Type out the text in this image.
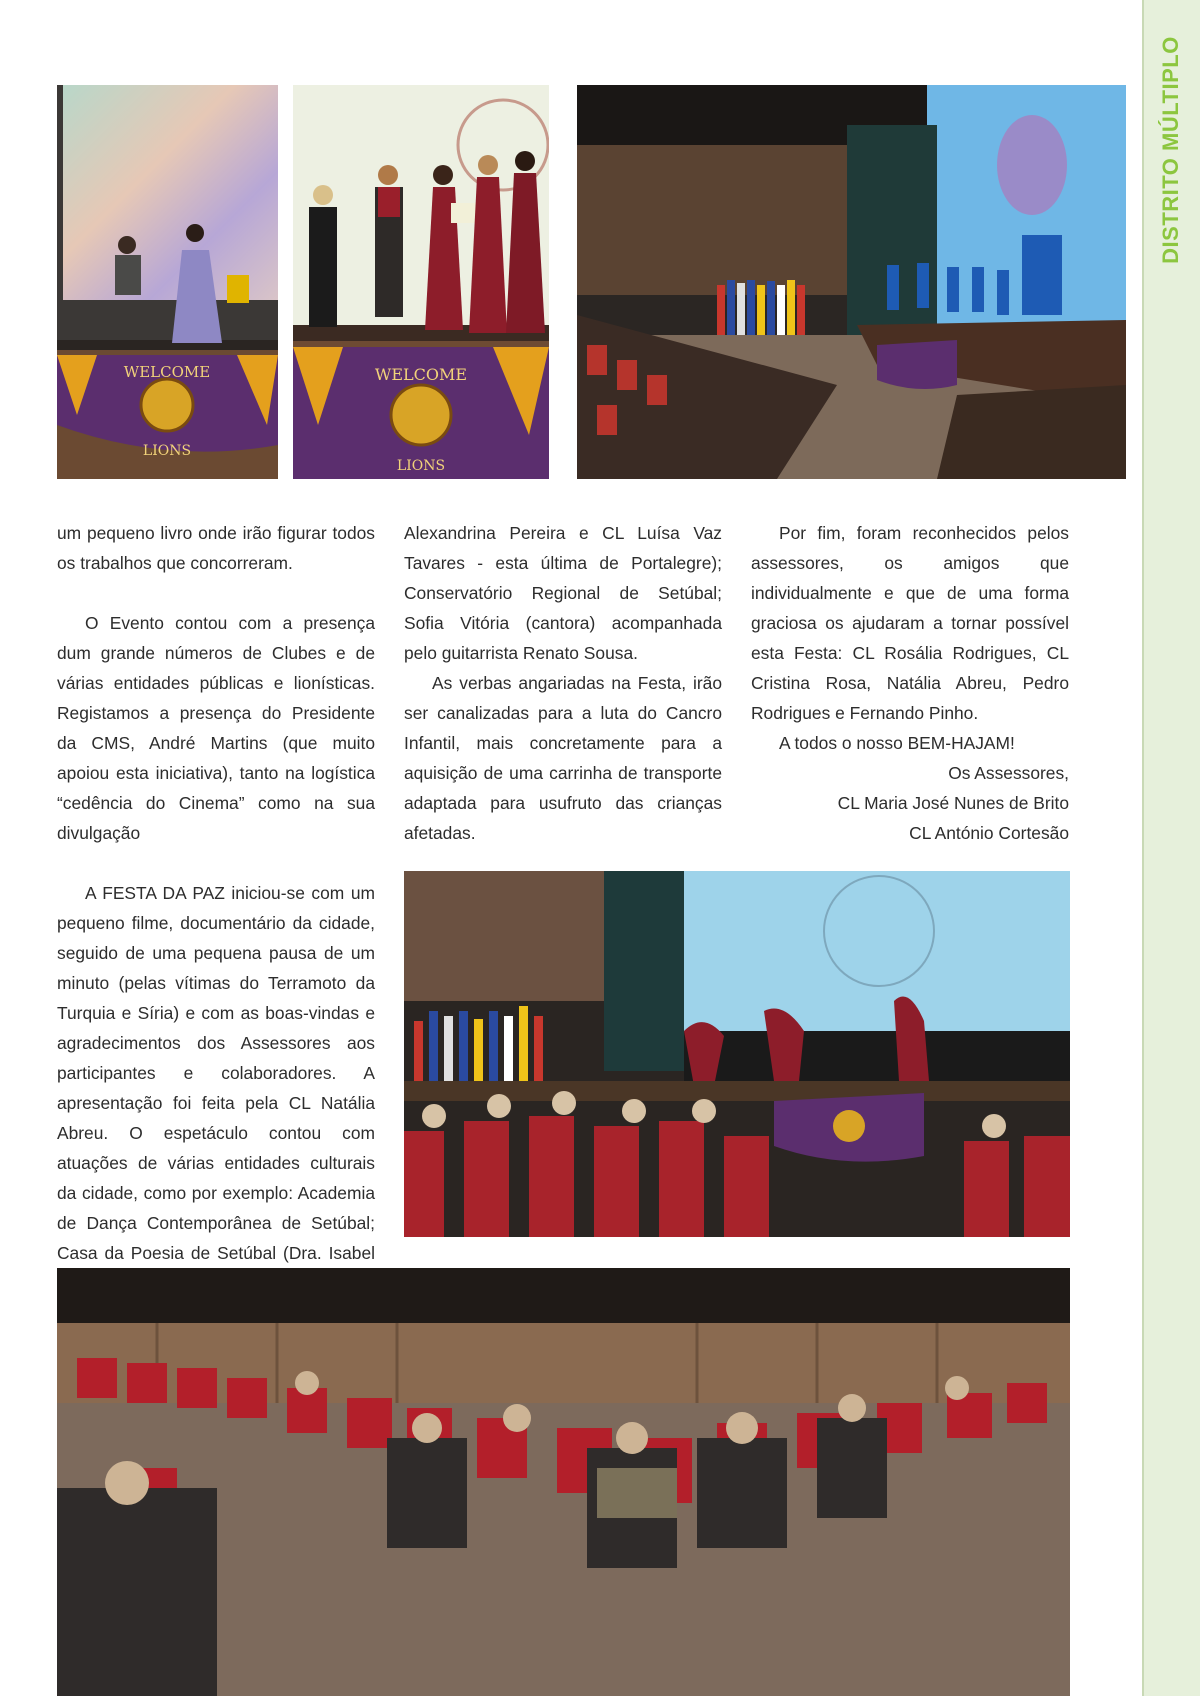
DISTRITO MÚLTIPLO
WELCOME
LIONS
WELCOME
LIONS

um pequeno livro onde irão figurar todos os trabalhos que concorreram.

O Evento contou com a presença dum grande números de Clubes e de várias entidades públicas e lionísticas. Registamos a presença do Presidente da CMS, André Martins (que muito apoiou esta iniciativa), tanto na logística “cedência do Cinema” como na sua divulgação

A FESTA DA PAZ iniciou-se com um pequeno filme, documentário da cidade, seguido de uma pequena pausa de um minuto (pelas vítimas do Terramoto da Turquia e Síria) e com as boas-vindas e agradecimentos dos Assessores aos participantes e colaboradores. A apresentação foi feita pela CL Natália Abreu. O espetáculo contou com atuações de várias entidades culturais da cidade, como por exemplo: Academia de Dança Contemporânea de Setúbal; Casa da Poesia de Setúbal (Dra. Isabel

Alexandrina Pereira e CL Luísa Vaz Tavares - esta última de Portalegre); Conservatório Regional de Setúbal; Sofia Vitória (cantora) acompanhada pelo guitarrista Renato Sousa.

As verbas angariadas na Festa, irão ser canalizadas para a luta do Cancro Infantil, mais concretamente para a aquisição de uma carrinha de transporte adaptada para usufruto das crianças afetadas.

Por fim, foram reconhecidos pelos assessores, os amigos que individualmente e que de uma forma graciosa os ajudaram a tornar possível esta Festa: CL Rosália Rodrigues, CL Cristina Rosa, Natália Abreu, Pedro Rodrigues e Fernando Pinho.

A todos o nosso BEM-HAJAM!

Os Assessores,

CL Maria José Nunes de Brito

CL António Cortesão
